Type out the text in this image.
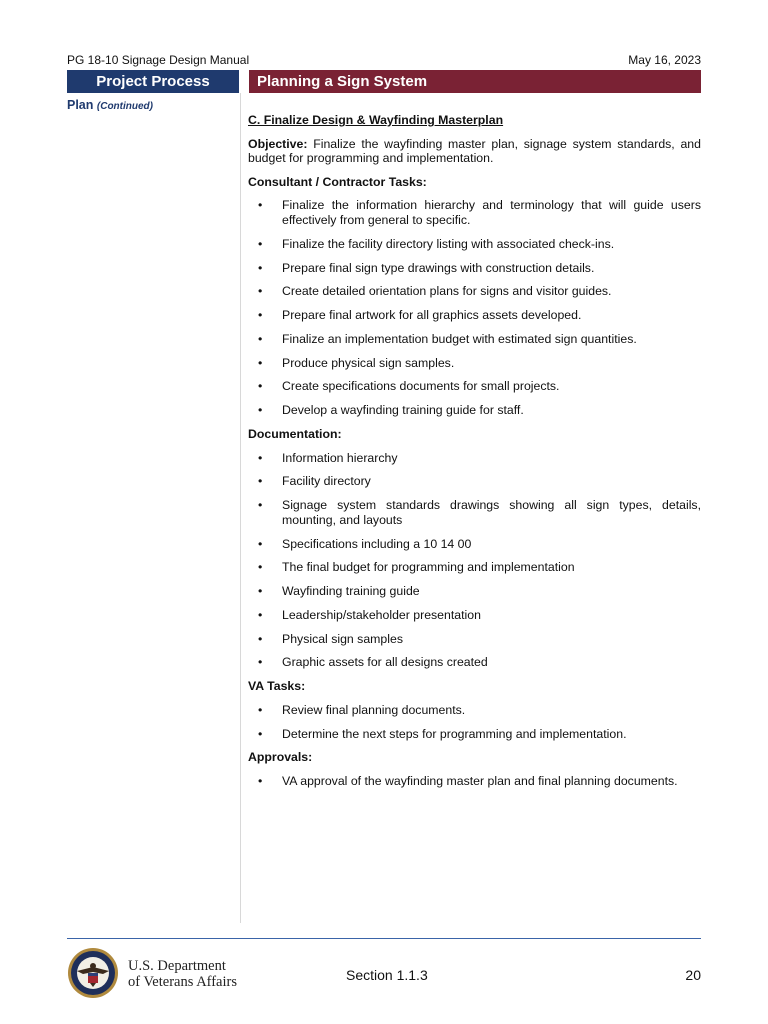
PG 18-10 Signage Design Manual	May 16, 2023
Project Process	Planning a Sign System
Plan (Continued)
C. Finalize Design & Wayfinding Masterplan
Objective: Finalize the wayfinding master plan, signage system standards, and budget for programming and implementation.
Consultant / Contractor Tasks:
• Finalize the information hierarchy and terminology that will guide users effectively from general to specific.
• Finalize the facility directory listing with associated check-ins.
• Prepare final sign type drawings with construction details.
• Create detailed orientation plans for signs and visitor guides.
• Prepare final artwork for all graphics assets developed.
• Finalize an implementation budget with estimated sign quantities.
• Produce physical sign samples.
• Create specifications documents for small projects.
• Develop a wayfinding training guide for staff.
Documentation:
• Information hierarchy
• Facility directory
• Signage system standards drawings showing all sign types, details, mounting, and layouts
• Specifications including a 10 14 00
• The final budget for programming and implementation
• Wayfinding training guide
• Leadership/stakeholder presentation
• Physical sign samples
• Graphic assets for all designs created
VA Tasks:
• Review final planning documents.
• Determine the next steps for programming and implementation.
Approvals:
• VA approval of the wayfinding master plan and final planning documents.
U.S. Department
of Veterans Affairs	Section 1.1.3	20
